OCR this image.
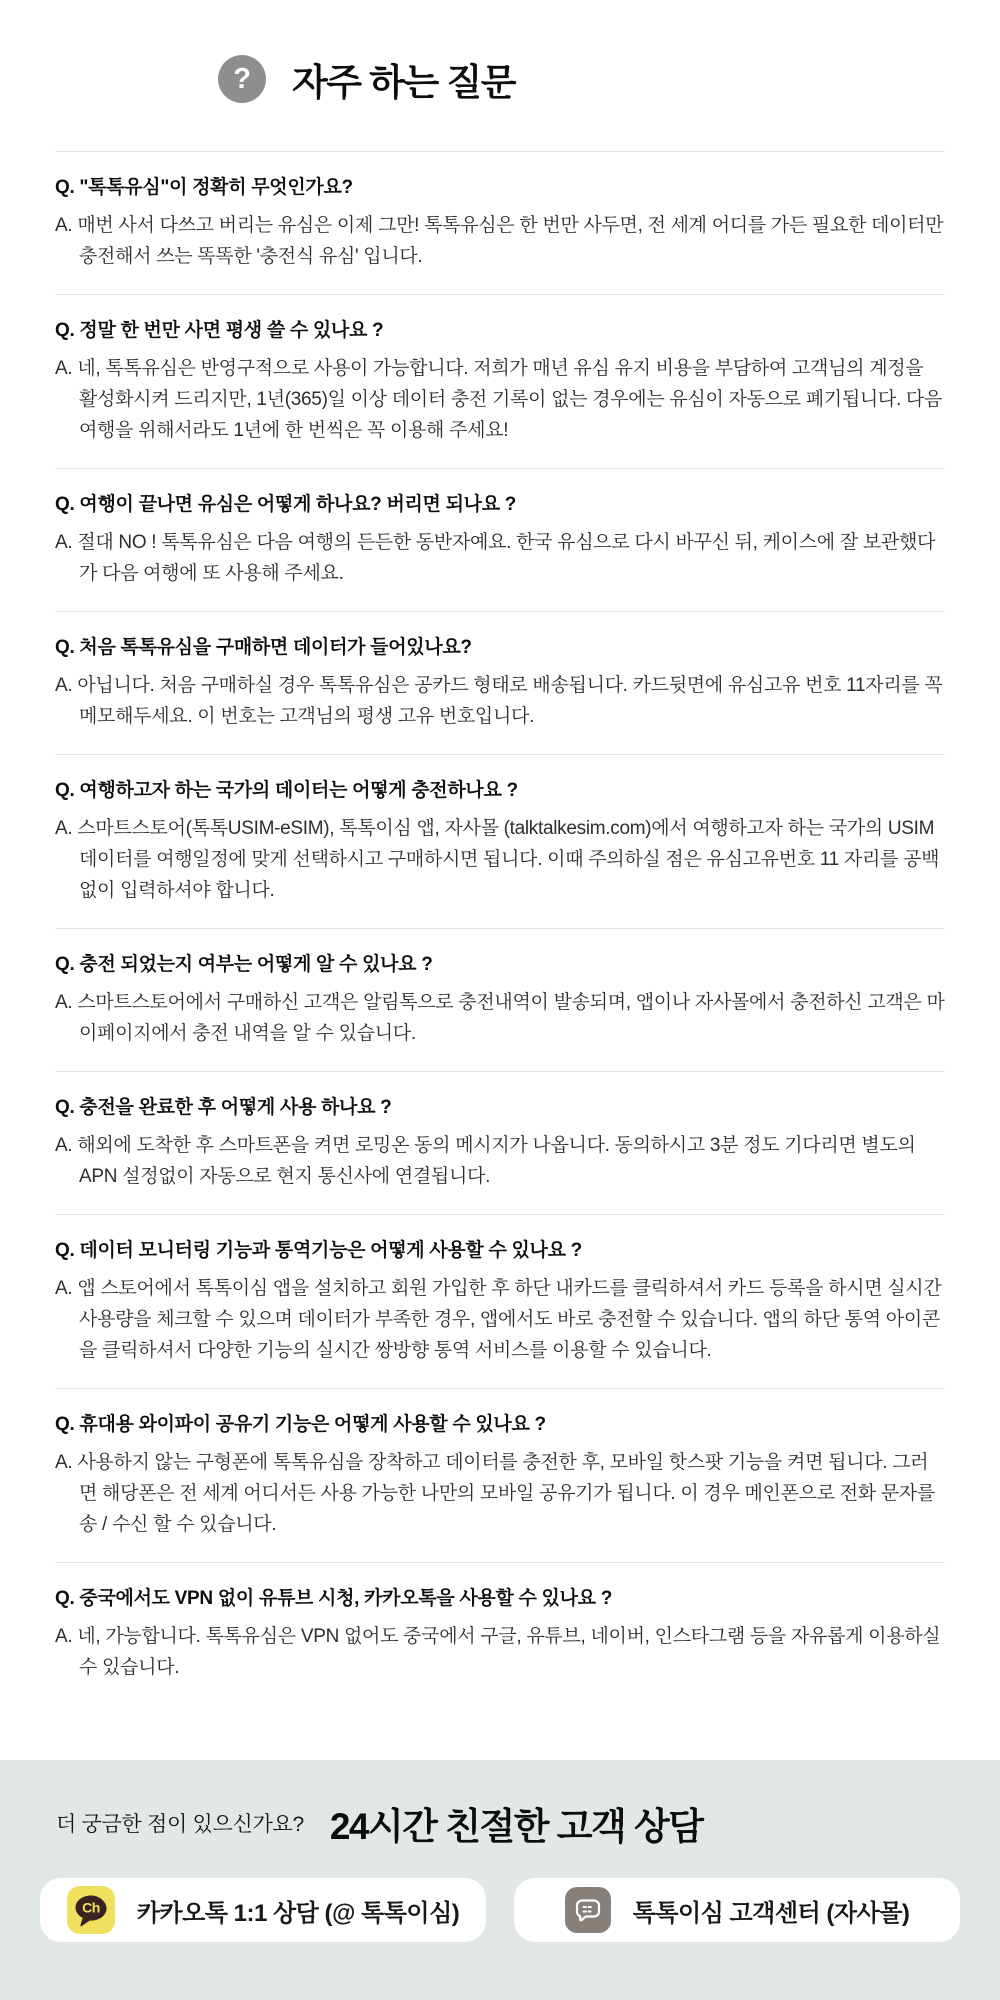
? 자주 하는 질문

Q. "톡톡유심"이 정확히 무엇인가요?

A. 매번 사서 다쓰고 버리는 유심은 이제 그만! 톡톡유심은 한 번만 사두면, 전 세계 어디를 가든 필요한 데이터만 충전해서 쓰는 똑똑한 '충전식 유심' 입니다.

Q. 정말 한 번만 사면 평생 쓸 수 있나요 ?

A. 네, 톡톡유심은 반영구적으로 사용이 가능합니다. 저희가 매년 유심 유지 비용을 부담하여 고객님의 계정을 활성화시켜 드리지만, 1년(365)일 이상 데이터 충전 기록이 없는 경우에는 유심이 자동으로 폐기됩니다. 다음 여행을 위해서라도 1년에 한 번씩은 꼭 이용해 주세요!

Q. 여행이 끝나면 유심은 어떻게 하나요? 버리면 되나요 ?

A. 절대 NO ! 톡톡유심은 다음 여행의 든든한 동반자예요. 한국 유심으로 다시 바꾸신 뒤, 케이스에 잘 보관했다가 다음 여행에 또 사용해 주세요.

Q. 처음 톡톡유심을 구매하면 데이터가 들어있나요?

A. 아닙니다. 처음 구매하실 경우 톡톡유심은 공카드 형태로 배송됩니다. 카드뒷면에 유심고유 번호 11자리를 꼭 메모해두세요. 이 번호는 고객님의 평생 고유 번호입니다.

Q. 여행하고자 하는 국가의 데이터는 어떻게 충전하나요 ?

A. 스마트스토어(톡톡USIM-eSIM), 톡톡이심 앱, 자사몰 (talktalkesim.com)에서 여행하고자 하는 국가의 USIM 데이터를 여행일정에 맞게 선택하시고 구매하시면 됩니다. 이때 주의하실 점은 유심고유번호 11 자리를 공백없이 입력하셔야 합니다.

Q. 충전 되었는지 여부는 어떻게 알 수 있나요 ?

A. 스마트스토어에서 구매하신 고객은 알림톡으로 충전내역이 발송되며, 앱이나 자사몰에서 충전하신 고객은 마이페이지에서 충전 내역을 알 수 있습니다.

Q. 충전을 완료한 후 어떻게 사용 하나요 ?

A. 해외에 도착한 후 스마트폰을 켜면 로밍온 동의 메시지가 나옵니다. 동의하시고 3분 정도 기다리면 별도의 APN 설정없이 자동으로 현지 통신사에 연결됩니다.

Q. 데이터 모니터링 기능과 통역기능은 어떻게 사용할 수 있나요 ?

A. 앱 스토어에서 톡톡이심 앱을 설치하고 회원 가입한 후 하단 내카드를 클릭하셔서 카드 등록을 하시면 실시간 사용량을 체크할 수 있으며 데이터가 부족한 경우, 앱에서도 바로 충전할 수 있습니다. 앱의 하단 통역 아이콘을 클릭하셔서 다양한 기능의 실시간 쌍방향 통역 서비스를 이용할 수 있습니다.

Q. 휴대용 와이파이 공유기 기능은 어떻게 사용할 수 있나요 ?

A. 사용하지 않는 구형폰에 톡톡유심을 장착하고 데이터를 충전한 후, 모바일 핫스팟 기능을 켜면 됩니다. 그러면 해당폰은 전 세계 어디서든 사용 가능한 나만의 모바일 공유기가 됩니다. 이 경우 메인폰으로 전화 문자를 송 / 수신 할 수 있습니다.

Q. 중국에서도 VPN 없이 유튜브 시청, 카카오톡을 사용할 수 있나요 ?

A. 네, 가능합니다. 톡톡유심은 VPN 없어도 중국에서 구글, 유튜브, 네이버, 인스타그램 등을 자유롭게 이용하실 수 있습니다.

더 궁금한 점이 있으신가요? 24시간 친절한 고객 상담
Ch 카카오톡 1:1 상담 (@ 톡톡이심)	톡톡이심 고객센터 (자사몰)
